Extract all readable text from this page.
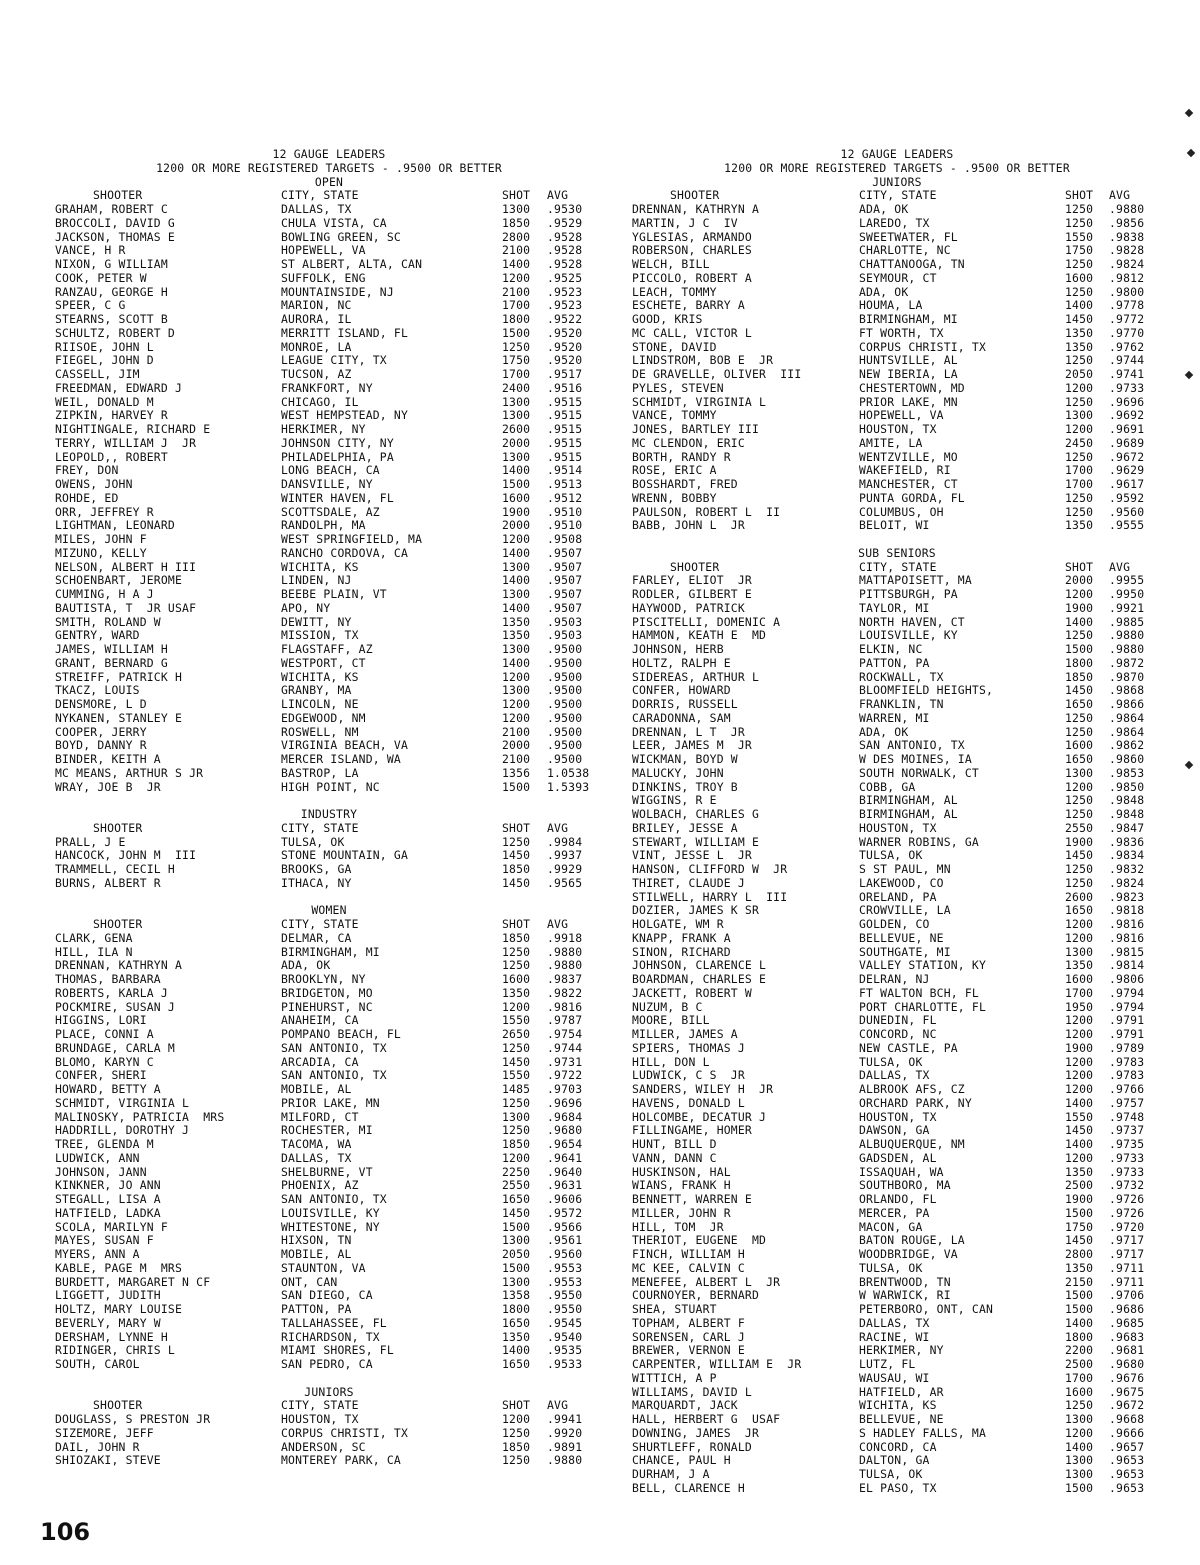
12 GAUGE LEADERS
1200 OR MORE REGISTERED TARGETS - .9500 OR BETTER
OPEN
SHOOTER	CITY, STATE	SHOT AVG
GRAHAM, ROBERT C	DALLAS, TX	1300 .9530
BROCCOLI, DAVID G	CHULA VISTA, CA	1850 .9529
JACKSON, THOMAS E	BOWLING GREEN, SC	2800 .9528
VANCE, H R	HOPEWELL, VA	2100 .9528
NIXON, G WILLIAM	ST ALBERT, ALTA, CAN	1400 .9528
COOK, PETER W	SUFFOLK, ENG	1200 .9525
RANZAU, GEORGE H	MOUNTAINSIDE, NJ	2100 .9523
SPEER, C G	MARION, NC	1700 .9523
STEARNS, SCOTT B	AURORA, IL	1800 .9522
SCHULTZ, ROBERT D	MERRITT ISLAND, FL	1500 .9520
RIISOE, JOHN L	MONROE, LA	1250 .9520
FIEGEL, JOHN D	LEAGUE CITY, TX	1750 .9520
CASSELL, JIM	TUCSON, AZ	1700 .9517
FREEDMAN, EDWARD J	FRANKFORT, NY	2400 .9516
WEIL, DONALD M	CHICAGO, IL	1300 .9515
ZIPKIN, HARVEY R	WEST HEMPSTEAD, NY	1300 .9515
NIGHTINGALE, RICHARD E	HERKIMER, NY	2600 .9515
TERRY, WILLIAM J  JR	JOHNSON CITY, NY	2000 .9515
LEOPOLD,, ROBERT	PHILADELPHIA, PA	1300 .9515
FREY, DON	LONG BEACH, CA	1400 .9514
OWENS, JOHN	DANSVILLE, NY	1500 .9513
ROHDE, ED	WINTER HAVEN, FL	1600 .9512
ORR, JEFFREY R	SCOTTSDALE, AZ	1900 .9510
LIGHTMAN, LEONARD	RANDOLPH, MA	2000 .9510
MILES, JOHN F	WEST SPRINGFIELD, MA	1200 .9508
MIZUNO, KELLY	RANCHO CORDOVA, CA	1400 .9507
NELSON, ALBERT H III	WICHITA, KS	1300 .9507
SCHOENBART, JEROME	LINDEN, NJ	1400 .9507
CUMMING, H A J	BEEBE PLAIN, VT	1300 .9507
BAUTISTA, T  JR USAF	APO, NY	1400 .9507
SMITH, ROLAND W	DEWITT, NY	1350 .9503
GENTRY, WARD	MISSION, TX	1350 .9503
JAMES, WILLIAM H	FLAGSTAFF, AZ	1300 .9500
GRANT, BERNARD G	WESTPORT, CT	1400 .9500
STREIFF, PATRICK H	WICHITA, KS	1200 .9500
TKACZ, LOUIS	GRANBY, MA	1300 .9500
DENSMORE, L D	LINCOLN, NE	1200 .9500
NYKANEN, STANLEY E	EDGEWOOD, NM	1200 .9500
COOPER, JERRY	ROSWELL, NM	2100 .9500
BOYD, DANNY R	VIRGINIA BEACH, VA	2000 .9500
BINDER, KEITH A	MERCER ISLAND, WA	2100 .9500
MC MEANS, ARTHUR S JR	BASTROP, LA	1356 1.0538
WRAY, JOE B  JR	HIGH POINT, NC	1500 1.5393
INDUSTRY
SHOOTER	CITY, STATE	SHOT AVG
PRALL, J E	TULSA, OK	1250 .9984
HANCOCK, JOHN M  III	STONE MOUNTAIN, GA	1450 .9937
TRAMMELL, CECIL H	BROOKS, GA	1850 .9929
BURNS, ALBERT R	ITHACA, NY	1450 .9565
WOMEN
SHOOTER	CITY, STATE	SHOT AVG
CLARK, GENA	DELMAR, CA	1850 .9918
HILL, ILA N	BIRMINGHAM, MI	1250 .9880
DRENNAN, KATHRYN A	ADA, OK	1250 .9880
THOMAS, BARBARA	BROOKLYN, NY	1600 .9837
ROBERTS, KARLA J	BRIDGETON, MO	1350 .9822
POCKMIRE, SUSAN J	PINEHURST, NC	1200 .9816
HIGGINS, LORI	ANAHEIM, CA	1550 .9787
PLACE, CONNI A	POMPANO BEACH, FL	2650 .9754
BRUNDAGE, CARLA M	SAN ANTONIO, TX	1250 .9744
BLOMO, KARYN C	ARCADIA, CA	1450 .9731
CONFER, SHERI	SAN ANTONIO, TX	1550 .9722
HOWARD, BETTY A	MOBILE, AL	1485 .9703
SCHMIDT, VIRGINIA L	PRIOR LAKE, MN	1250 .9696
MALINOSKY, PATRICIA  MRS	MILFORD, CT	1300 .9684
HADDRILL, DOROTHY J	ROCHESTER, MI	1250 .9680
TREE, GLENDA M	TACOMA, WA	1850 .9654
LUDWICK, ANN	DALLAS, TX	1200 .9641
JOHNSON, JANN	SHELBURNE, VT	2250 .9640
KINKNER, JO ANN	PHOENIX, AZ	2550 .9631
STEGALL, LISA A	SAN ANTONIO, TX	1650 .9606
HATFIELD, LADKA	LOUISVILLE, KY	1450 .9572
SCOLA, MARILYN F	WHITESTONE, NY	1500 .9566
MAYES, SUSAN F	HIXSON, TN	1300 .9561
MYERS, ANN A	MOBILE, AL	2050 .9560
KABLE, PAGE M  MRS	STAUNTON, VA	1500 .9553
BURDETT, MARGARET N CF	ONT, CAN	1300 .9553
LIGGETT, JUDITH	SAN DIEGO, CA	1358 .9550
HOLTZ, MARY LOUISE	PATTON, PA	1800 .9550
BEVERLY, MARY W	TALLAHASSEE, FL	1650 .9545
DERSHAM, LYNNE H	RICHARDSON, TX	1350 .9540
RIDINGER, CHRIS L	MIAMI SHORES, FL	1400 .9535
SOUTH, CAROL	SAN PEDRO, CA	1650 .9533
JUNIORS
SHOOTER	CITY, STATE	SHOT AVG
DOUGLASS, S PRESTON JR	HOUSTON, TX	1200 .9941
SIZEMORE, JEFF	CORPUS CHRISTI, TX	1250 .9920
DAIL, JOHN R	ANDERSON, SC	1850 .9891
SHIOZAKI, STEVE	MONTEREY PARK, CA	1250 .9880
12 GAUGE LEADERS
1200 OR MORE REGISTERED TARGETS - .9500 OR BETTER
JUNIORS
SHOOTER	CITY, STATE	SHOT AVG
DRENNAN, KATHRYN A	ADA, OK	1250 .9880
MARTIN, J C  IV	LAREDO, TX	1250 .9856
YGLESIAS, ARMANDO	SWEETWATER, FL	1550 .9838
ROBERSON, CHARLES	CHARLOTTE, NC	1750 .9828
WELCH, BILL	CHATTANOOGA, TN	1250 .9824
PICCOLO, ROBERT A	SEYMOUR, CT	1600 .9812
LEACH, TOMMY	ADA, OK	1250 .9800
ESCHETE, BARRY A	HOUMA, LA	1400 .9778
GOOD, KRIS	BIRMINGHAM, MI	1450 .9772
MC CALL, VICTOR L	FT WORTH, TX	1350 .9770
STONE, DAVID	CORPUS CHRISTI, TX	1350 .9762
LINDSTROM, BOB E  JR	HUNTSVILLE, AL	1250 .9744
DE GRAVELLE, OLIVER  III	NEW IBERIA, LA	2050 .9741
PYLES, STEVEN	CHESTERTOWN, MD	1200 .9733
SCHMIDT, VIRGINIA L	PRIOR LAKE, MN	1250 .9696
VANCE, TOMMY	HOPEWELL, VA	1300 .9692
JONES, BARTLEY III	HOUSTON, TX	1200 .9691
MC CLENDON, ERIC	AMITE, LA	2450 .9689
BORTH, RANDY R	WENTZVILLE, MO	1250 .9672
ROSE, ERIC A	WAKEFIELD, RI	1700 .9629
BOSSHARDT, FRED	MANCHESTER, CT	1700 .9617
WRENN, BOBBY	PUNTA GORDA, FL	1250 .9592
PAULSON, ROBERT L  II	COLUMBUS, OH	1250 .9560
BABB, JOHN L  JR	BELOIT, WI	1350 .9555
SUB SENIORS
SHOOTER	CITY, STATE	SHOT AVG
FARLEY, ELIOT  JR	MATTAPOISETT, MA	2000 .9955
RODLER, GILBERT E	PITTSBURGH, PA	1200 .9950
HAYWOOD, PATRICK	TAYLOR, MI	1900 .9921
PISCITELLI, DOMENIC A	NORTH HAVEN, CT	1400 .9885
HAMMON, KEATH E  MD	LOUISVILLE, KY	1250 .9880
JOHNSON, HERB	ELKIN, NC	1500 .9880
HOLTZ, RALPH E	PATTON, PA	1800 .9872
SIDEREAS, ARTHUR L	ROCKWALL, TX	1850 .9870
CONFER, HOWARD	BLOOMFIELD HEIGHTS,	1450 .9868
DORRIS, RUSSELL	FRANKLIN, TN	1650 .9866
CARADONNA, SAM	WARREN, MI	1250 .9864
DRENNAN, L T  JR	ADA, OK	1250 .9864
LEER, JAMES M  JR	SAN ANTONIO, TX	1600 .9862
WICKMAN, BOYD W	W DES MOINES, IA	1650 .9860
MALUCKY, JOHN	SOUTH NORWALK, CT	1300 .9853
DINKINS, TROY B	COBB, GA	1200 .9850
WIGGINS, R E	BIRMINGHAM, AL	1250 .9848
WOLBACH, CHARLES G	BIRMINGHAM, AL	1250 .9848
BRILEY, JESSE A	HOUSTON, TX	2550 .9847
STEWART, WILLIAM E	WARNER ROBINS, GA	1900 .9836
VINT, JESSE L  JR	TULSA, OK	1450 .9834
HANSON, CLIFFORD W  JR	S ST PAUL, MN	1250 .9832
THIRET, CLAUDE J	LAKEWOOD, CO	1250 .9824
STILWELL, HARRY L  III	ORELAND, PA	2600 .9823
DOZIER, JAMES K SR	CROWVILLE, LA	1650 .9818
HOLGATE, WM R	GOLDEN, CO	1200 .9816
KNAPP, FRANK A	BELLEVUE, NE	1200 .9816
SINON, RICHARD	SOUTHGATE, MI	1300 .9815
JOHNSON, CLARENCE L	VALLEY STATION, KY	1350 .9814
BOARDMAN, CHARLES E	DELRAN, NJ	1600 .9806
JACKETT, ROBERT W	FT WALTON BCH, FL	1700 .9794
NUZUM, B C	PORT CHARLOTTE, FL	1950 .9794
MOORE, BILL	DUNEDIN, FL	1200 .9791
MILLER, JAMES A	CONCORD, NC	1200 .9791
SPIERS, THOMAS J	NEW CASTLE, PA	1900 .9789
HILL, DON L	TULSA, OK	1200 .9783
LUDWICK, C S  JR	DALLAS, TX	1200 .9783
SANDERS, WILEY H  JR	ALBROOK AFS, CZ	1200 .9766
HAVENS, DONALD L	ORCHARD PARK, NY	1400 .9757
HOLCOMBE, DECATUR J	HOUSTON, TX	1550 .9748
FILLINGAME, HOMER	DAWSON, GA	1450 .9737
HUNT, BILL D	ALBUQUERQUE, NM	1400 .9735
VANN, DANN C	GADSDEN, AL	1200 .9733
HUSKINSON, HAL	ISSAQUAH, WA	1350 .9733
WIANS, FRANK H	SOUTHBORO, MA	2500 .9732
BENNETT, WARREN E	ORLANDO, FL	1900 .9726
MILLER, JOHN R	MERCER, PA	1500 .9726
HILL, TOM  JR	MACON, GA	1750 .9720
THERIOT, EUGENE  MD	BATON ROUGE, LA	1450 .9717
FINCH, WILLIAM H	WOODBRIDGE, VA	2800 .9717
MC KEE, CALVIN C	TULSA, OK	1350 .9711
MENEFEE, ALBERT L  JR	BRENTWOOD, TN	2150 .9711
COURNOYER, BERNARD	W WARWICK, RI	1500 .9706
SHEA, STUART	PETERBORO, ONT, CAN	1500 .9686
TOPHAM, ALBERT F	DALLAS, TX	1400 .9685
SORENSEN, CARL J	RACINE, WI	1800 .9683
BREWER, VERNON E	HERKIMER, NY	2200 .9681
CARPENTER, WILLIAM E  JR	LUTZ, FL	2500 .9680
WITTICH, A P	WAUSAU, WI	1700 .9676
WILLIAMS, DAVID L	HATFIELD, AR	1600 .9675
MARQUARDT, JACK	WICHITA, KS	1250 .9672
HALL, HERBERT G  USAF	BELLEVUE, NE	1300 .9668
DOWNING, JAMES  JR	S HADLEY FALLS, MA	1200 .9666
SHURTLEFF, RONALD	CONCORD, CA	1400 .9657
CHANCE, PAUL H	DALTON, GA	1300 .9653
DURHAM, J A	TULSA, OK	1300 .9653
BELL, CLARENCE H	EL PASO, TX	1500 .9653
106
